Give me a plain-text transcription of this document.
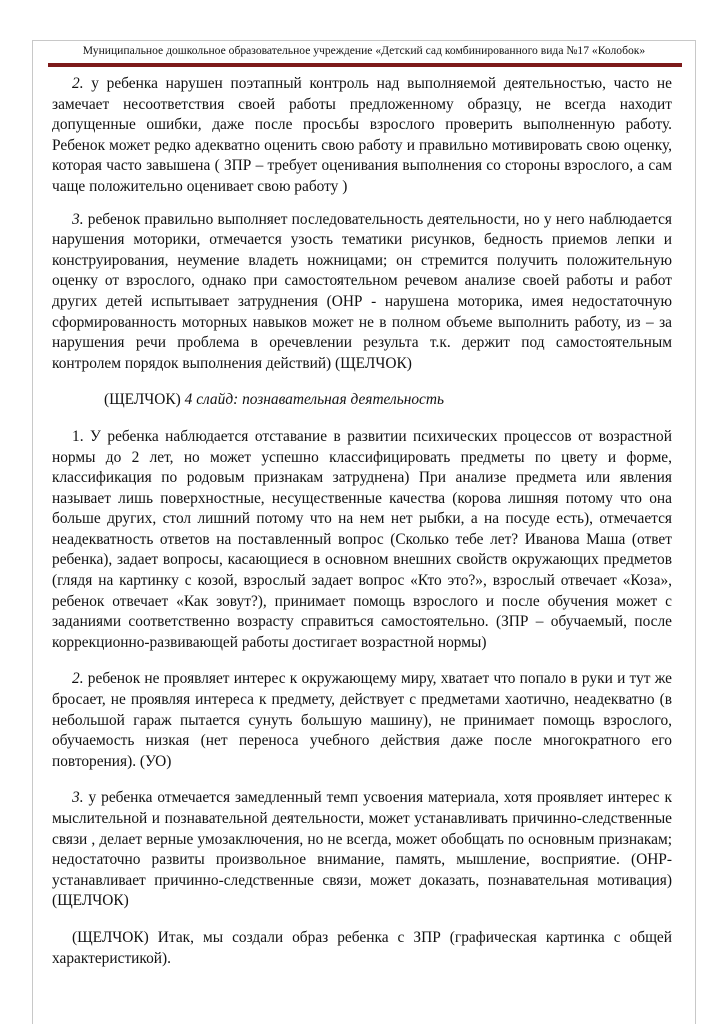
Муниципальное дошкольное образовательное учреждение «Детский сад комбинированного вида №17 «Колобок»

2. у ребенка нарушен поэтапный контроль над выполняемой деятельностью, часто не замечает несоответствия своей работы предложенному образцу, не всегда находит допущенные ошибки, даже после просьбы взрослого проверить выполненную работу. Ребенок может редко адекватно оценить свою работу и правильно мотивировать свою оценку, которая часто завышена ( ЗПР – требует оценивания выполнения со стороны взрослого, а сам чаще положительно оценивает свою работу )

3. ребенок правильно выполняет последовательность деятельности, но у него наблюдается нарушения моторики, отмечается узость тематики рисунков, бедность приемов лепки и конструирования, неумение владеть ножницами; он стремится получить положительную оценку от взрослого, однако при самостоятельном речевом анализе своей работы и работ других детей испытывает затруднения (ОНР - нарушена моторика, имея недостаточную сформированность моторных навыков может не в полном объеме выполнить работу, из – за нарушения речи проблема в оречевлении результа т.к. держит под самостоятельным контролем порядок выполнения действий) (ЩЕЛЧОК)

(ЩЕЛЧОК) 4 слайд: познавательная деятельность

1. У ребенка наблюдается отставание в развитии психических процессов от возрастной нормы до 2 лет, но может успешно классифицировать предметы по цвету и форме, классификация по родовым признакам затруднена) При анализе предмета или явления называет лишь поверхностные, несущественные качества (корова лишняя потому что она больше других, стол лишний потому что на нем нет рыбки, а на посуде есть), отмечается неадекватность ответов на поставленный вопрос (Сколько тебе лет? Иванова Маша (ответ ребенка), задает вопросы, касающиеся в основном внешних свойств окружающих предметов (глядя на картинку с козой, взрослый задает вопрос «Кто это?», взрослый отвечает «Коза», ребенок отвечает «Как зовут?), принимает помощь взрослого и после обучения может с заданиями соответственно возрасту справиться самостоятельно. (ЗПР – обучаемый, после коррекционно-развивающей работы достигает возрастной нормы)

2. ребенок не проявляет интерес к окружающему миру, хватает что попало в руки и тут же бросает, не проявляя интереса к предмету, действует с предметами хаотично, неадекватно (в небольшой гараж пытается сунуть большую машину), не принимает помощь взрослого, обучаемость низкая (нет переноса учебного действия даже после многократного его повторения). (УО)

3. у ребенка отмечается замедленный темп усвоения материала, хотя проявляет интерес к мыслительной и познавательной деятельности, может устанавливать причинно-следственные связи , делает верные умозаключения, но не всегда, может обобщать по основным признакам; недостаточно развиты произвольное внимание, память, мышление, восприятие. (ОНР- устанавливает причинно-следственные связи, может доказать, познавательная мотивация) (ЩЕЛЧОК)

(ЩЕЛЧОК) Итак, мы создали образ ребенка с ЗПР (графическая картинка с общей характеристикой).
